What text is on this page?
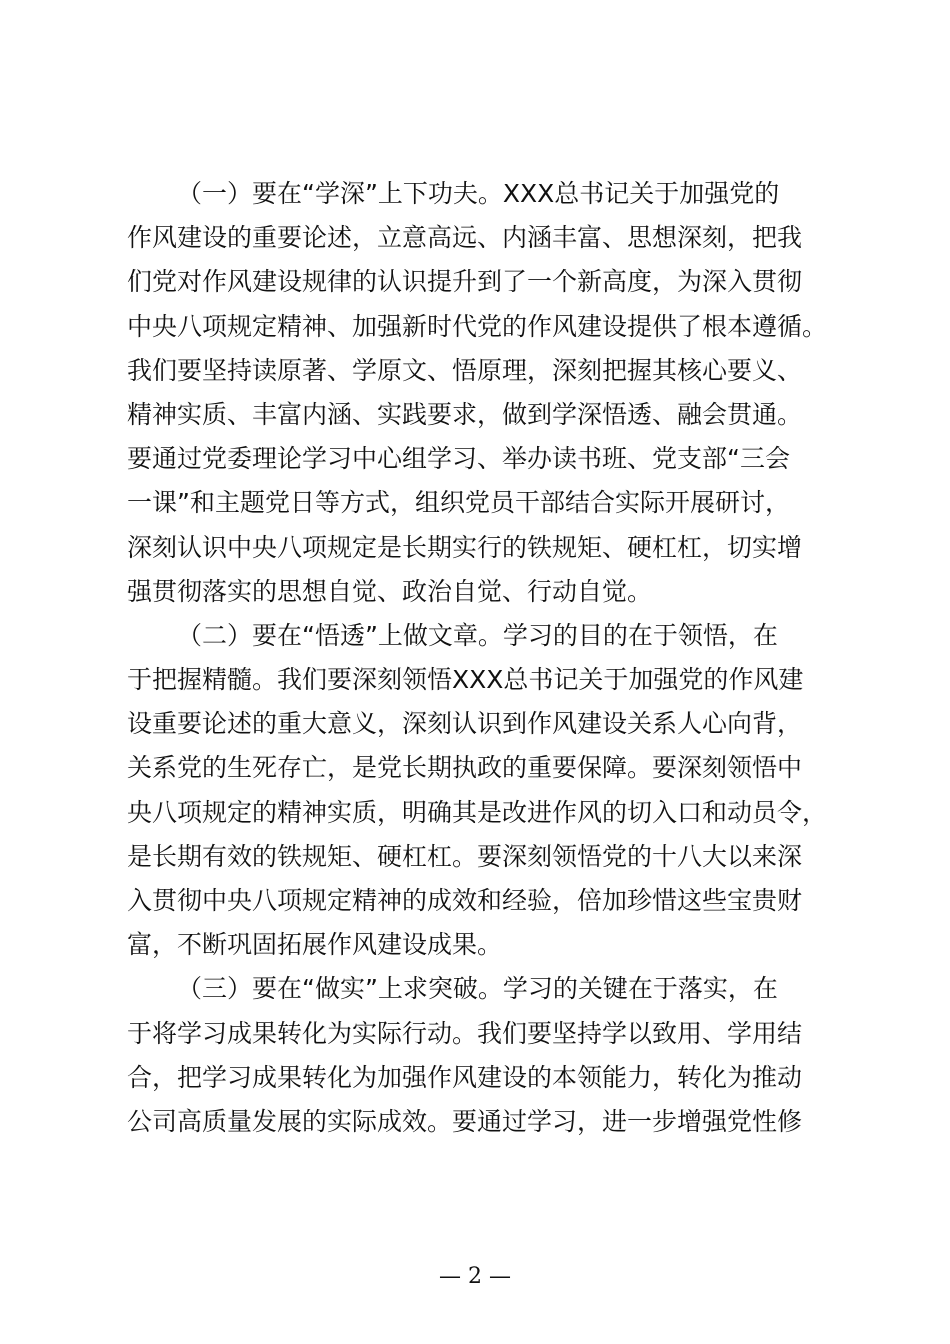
（一）要在“学深”上下功夫。XXX总书记关于加强党的
作风建设的重要论述，立意高远、内涵丰富、思想深刻，把我
们党对作风建设规律的认识提升到了一个新高度，为深入贯彻
中央八项规定精神、加强新时代党的作风建设提供了根本遵循。
我们要坚持读原著、学原文、悟原理，深刻把握其核心要义、
精神实质、丰富内涵、实践要求，做到学深悟透、融会贯通。
要通过党委理论学习中心组学习、举办读书班、党支部“三会
一课”和主题党日等方式，组织党员干部结合实际开展研讨，
深刻认识中央八项规定是长期实行的铁规矩、硬杠杠，切实增
强贯彻落实的思想自觉、政治自觉、行动自觉。
（二）要在“悟透”上做文章。学习的目的在于领悟，在
于把握精髓。我们要深刻领悟XXX总书记关于加强党的作风建
设重要论述的重大意义，深刻认识到作风建设关系人心向背，
关系党的生死存亡，是党长期执政的重要保障。要深刻领悟中
央八项规定的精神实质，明确其是改进作风的切入口和动员令，
是长期有效的铁规矩、硬杠杠。要深刻领悟党的十八大以来深
入贯彻中央八项规定精神的成效和经验，倍加珍惜这些宝贵财
富，不断巩固拓展作风建设成果。
（三）要在“做实”上求突破。学习的关键在于落实，在
于将学习成果转化为实际行动。我们要坚持学以致用、学用结
合，把学习成果转化为加强作风建设的本领能力，转化为推动
公司高质量发展的实际成效。要通过学习，进一步增强党性修
— 2 —
